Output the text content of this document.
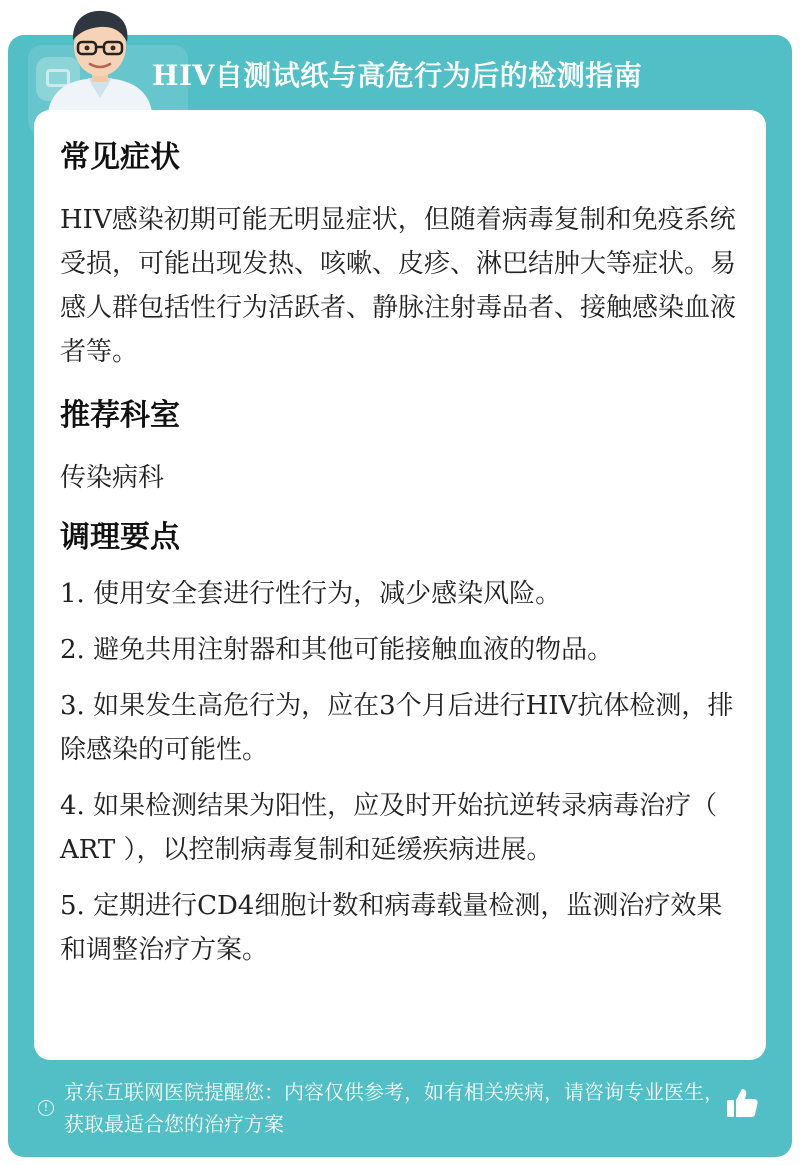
HIV自测试纸与高危行为后的检测指南
常见症状

HIV感染初期可能无明显症状，但随着病毒复制和免疫系统受损，可能出现发热、咳嗽、皮疹、淋巴结肿大等症状。易感人群包括性行为活跃者、静脉注射毒品者、接触感染血液者等。

推荐科室

传染病科

调理要点
1. 使用安全套进行性行为，减少感染风险。
2. 避免共用注射器和其他可能接触血液的物品。
3. 如果发生高危行为，应在3个月后进行HIV抗体检测，排除感染的可能性。
4. 如果检测结果为阳性，应及时开始抗逆转录病毒治疗（ ART ），以控制病毒复制和延缓疾病进展。
5. 定期进行CD4细胞计数和病毒载量检测，监测治疗效果和调整治疗方案。
!
京东互联网医院提醒您：内容仅供参考，如有相关疾病，请咨询专业医生，获取最适合您的治疗方案
